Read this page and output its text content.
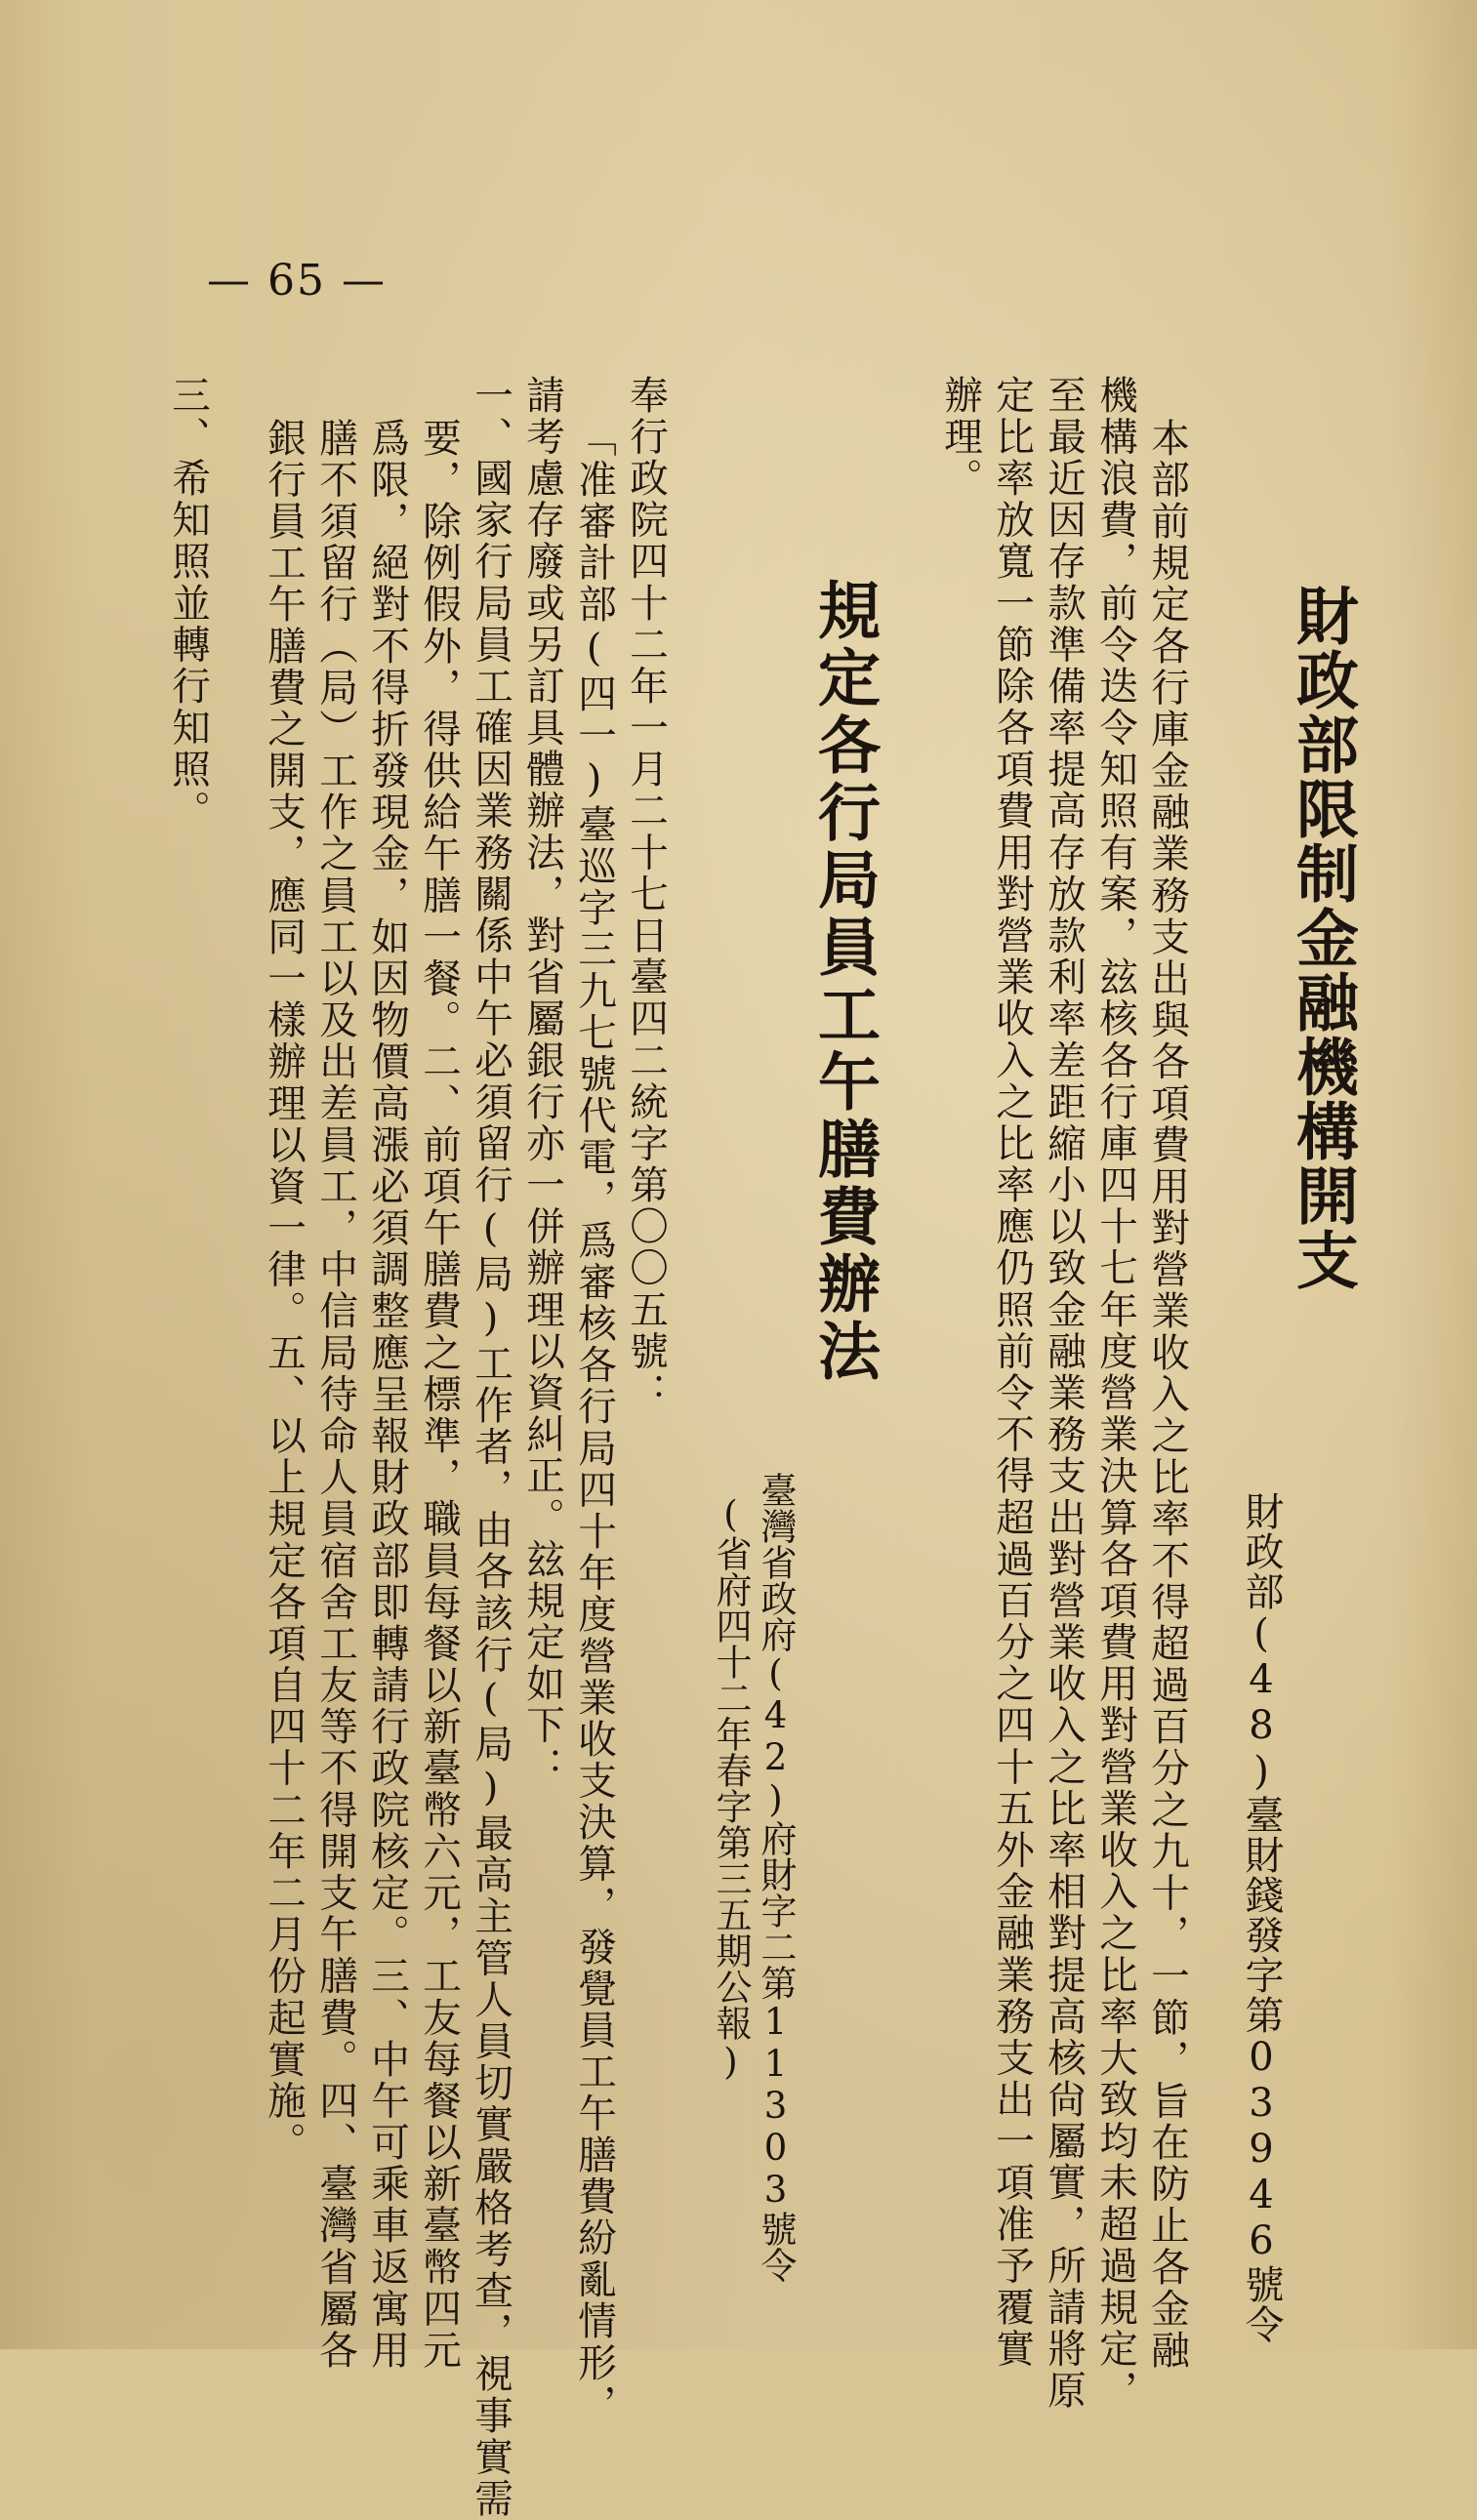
財政部限制金融機構開支
財政部(48)臺財錢發字第03946號令
本部前規定各行庫金融業務支出與各項費用對營業收入之比率不得超過百分之九十，一節，旨在防止各金融
機構浪費，前令迭令知照有案，玆核各行庫四十七年度營業決算各項費用對營業收入之比率大致均未超過規定，
至最近因存款準備率提高存放款利率差距縮小以致金融業務支出對營業收入之比率相對提高核尙屬實，所請將原
定比率放寬一節除各項費用對營業收入之比率應仍照前令不得超過百分之四十五外金融業務支出一項准予覆實
辦理。
規定各行局員工午膳費辦法
臺灣省政府(42)府財字二第11303號令
(省府四十二年春字第三五期公報)
奉行政院四十二年一月二十七日臺四二統字第〇〇五號：
「准審計部(四一)臺巡字三九七號代電，爲審核各行局四十年度營業收支決算，發覺員工午膳費紛亂情形，
請考慮存廢或另訂具體辦法，對省屬銀行亦一併辦理以資糾正。玆規定如下：
一、國家行局員工確因業務關係中午必須留行(局)工作者，由各該行(局)最高主管人員切實嚴格考查，視事實需
要，除例假外，得供給午膳一餐。二、前項午膳費之標準，職員每餐以新臺幣六元，工友每餐以新臺幣四元
爲限，絕對不得折發現金，如因物價高漲必須調整應呈報財政部即轉請行政院核定。三、中午可乘車返寓用
膳不須留行（局）工作之員工以及出差員工，中信局待命人員宿舍工友等不得開支午膳費。四、臺灣省屬各
銀行員工午膳費之開支，應同一樣辦理以資一律。五、以上規定各項自四十二年二月份起實施。
三、希知照並轉行知照。
— 65 —
